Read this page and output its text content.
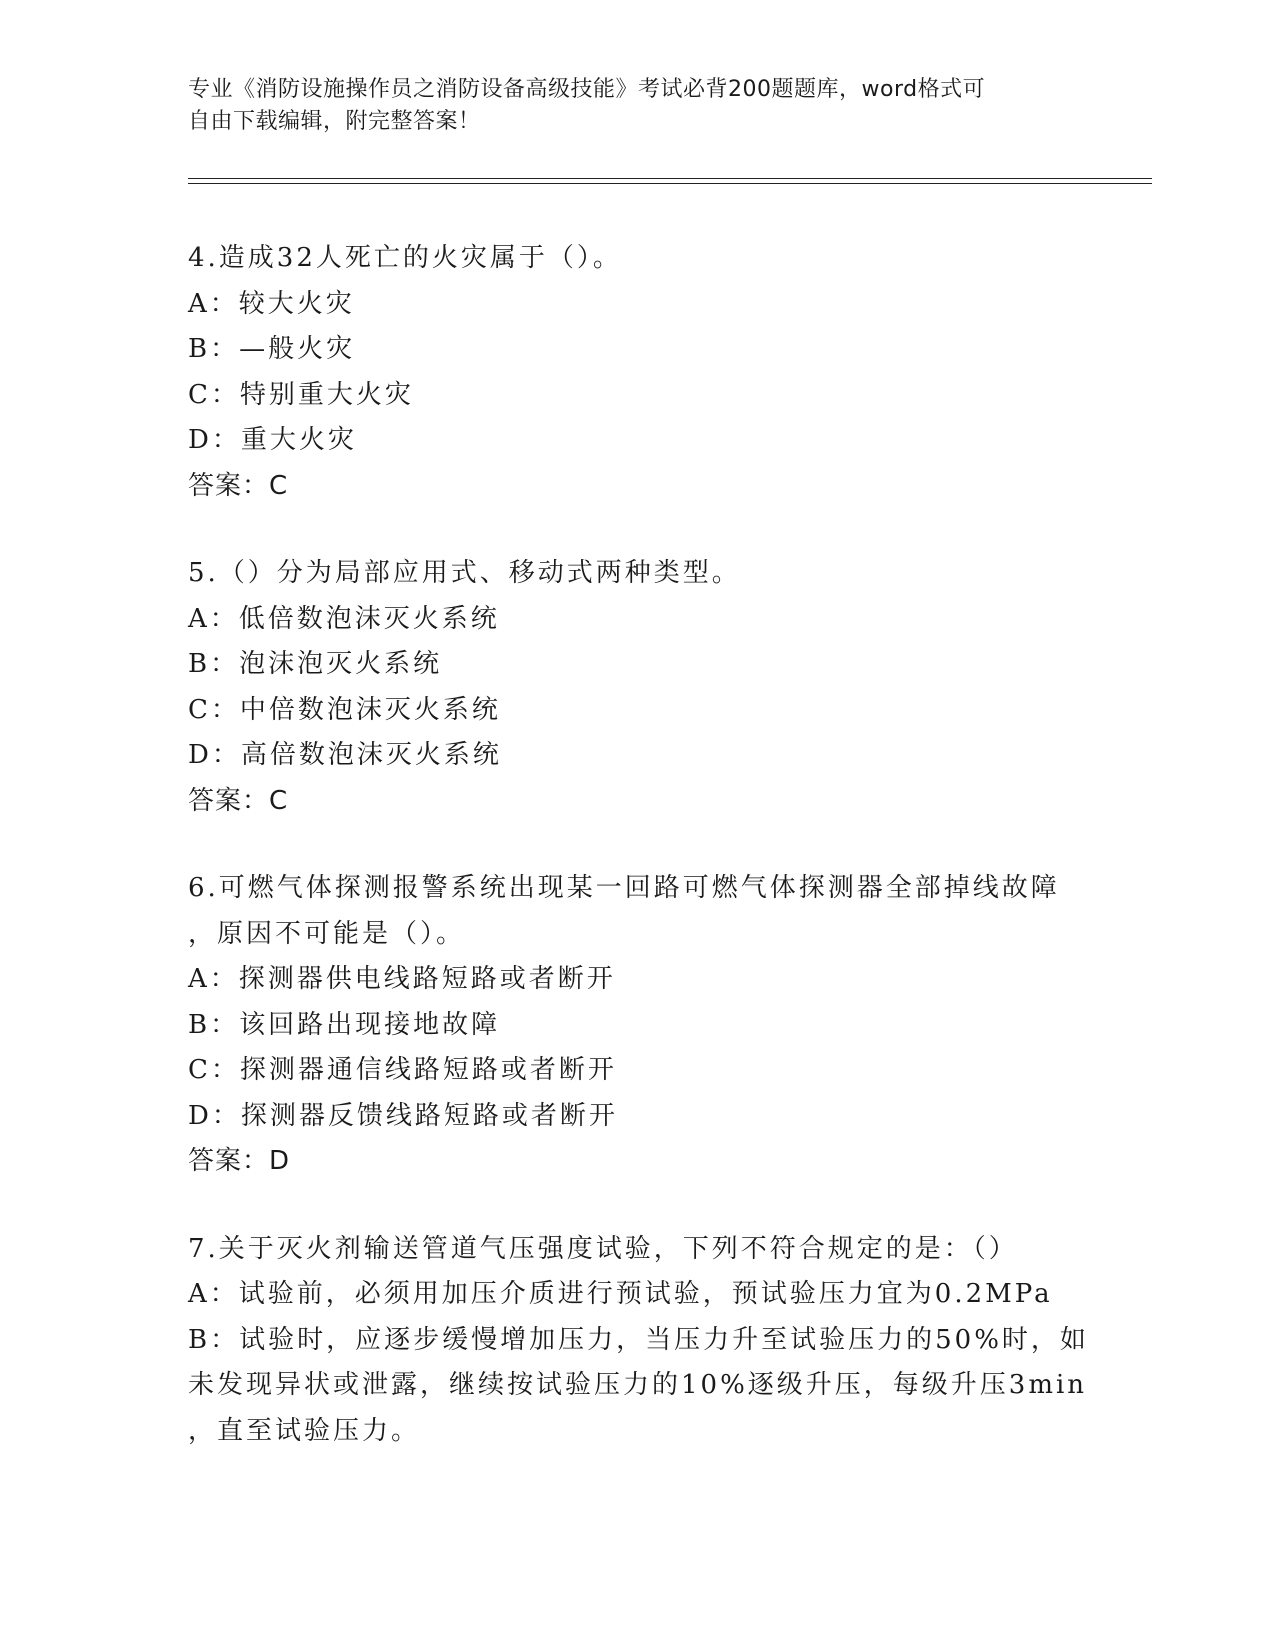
专业《消防设施操作员之消防设备高级技能》考试必背200题题库，word格式可
自由下载编辑，附完整答案！
4.造成32人死亡的火灾属于（）。
A：较大火灾
B：—般火灾
C：特别重大火灾
D：重大火灾
答案：C
5.（）分为局部应用式、移动式两种类型。
A：低倍数泡沫灭火系统
B：泡沫泡灭火系统
C：中倍数泡沫灭火系统
D：高倍数泡沫灭火系统
答案：C
6.可燃气体探测报警系统出现某一回路可燃气体探测器全部掉线故障
，原因不可能是（）。
A：探测器供电线路短路或者断开
B：该回路出现接地故障
C：探测器通信线路短路或者断开
D：探测器反馈线路短路或者断开
答案：D
7.关于灭火剂输送管道气压强度试验，下列不符合规定的是：（）
A：试验前，必须用加压介质进行预试验，预试验压力宜为0.2MPa
B：试验时，应逐步缓慢增加压力，当压力升至试验压力的50%时，如
未发现异状或泄露，继续按试验压力的10%逐级升压，每级升压3min
，直至试验压力。
